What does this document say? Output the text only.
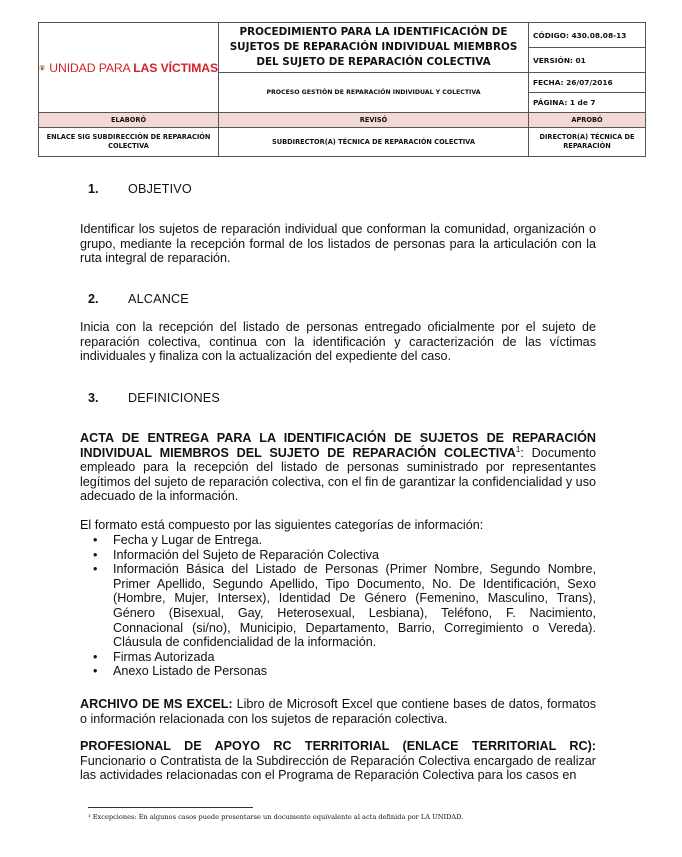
UNIDAD PARA LAS VÍCTIMAS	PROCEDIMIENTO PARA LA IDENTIFICACIÓN DE SUJETOS DE REPARACIÓN INDIVIDUAL MIEMBROS DEL SUJETO DE REPARACIÓN COLECTIVA	CÓDIGO: 430.08.08-13
		VERSIÓN: 01
	PROCESO GESTIÓN DE REPARACIÓN INDIVIDUAL Y COLECTIVA	FECHA: 26/07/2016
		PÁGINA: 1 de 7
ELABORÓ	REVISÓ	APROBÓ
ENLACE SIG SUBDIRECCIÓN DE REPARACIÓN COLECTIVA	SUBDIRECTOR(A) TÉCNICA DE REPARACIÓN COLECTIVA	DIRECTOR(A) TÉCNICA DE REPARACIÓN
1. OBJETIVO
Identificar los sujetos de reparación individual que conforman la comunidad, organización o grupo, mediante la recepción formal de los listados de personas para la articulación con la ruta integral de reparación.
2. ALCANCE
Inicia con la recepción del listado de personas entregado oficialmente por el sujeto de reparación colectiva, continua con la identificación y caracterización de las víctimas individuales y finaliza con la actualización del expediente del caso.
3. DEFINICIONES
ACTA DE ENTREGA PARA LA IDENTIFICACIÓN DE SUJETOS DE REPARACIÓN INDIVIDUAL MIEMBROS DEL SUJETO DE REPARACIÓN COLECTIVA$^1$: Documento empleado para la recepción del listado de personas suministrado por representantes legítimos del sujeto de reparación colectiva, con el fin de garantizar la confidencialidad y uso adecuado de la información.
El formato está compuesto por las siguientes categorías de información:
• Fecha y Lugar de Entrega.
• Información del Sujeto de Reparación Colectiva
• Información Básica del Listado de Personas (Primer Nombre, Segundo Nombre, Primer Apellido, Segundo Apellido, Tipo Documento, No. De Identificación, Sexo (Hombre, Mujer, Intersex), Identidad De Género (Femenino, Masculino, Trans), Género (Bisexual, Gay, Heterosexual, Lesbiana), Teléfono, F. Nacimiento, Connacional (si/no), Municipio, Departamento, Barrio, Corregimiento o Vereda). Cláusula de confidencialidad de la información.
• Firmas Autorizada
• Anexo Listado de Personas
ARCHIVO DE MS EXCEL: Libro de Microsoft Excel que contiene bases de datos, formatos o información relacionada con los sujetos de reparación colectiva.
PROFESIONAL DE APOYO RC TERRITORIAL (ENLACE TERRITORIAL RC): Funcionario o Contratista de la Subdirección de Reparación Colectiva encargado de realizar las actividades relacionadas con el Programa de Reparación Colectiva para los casos en
¹ Excepciones: En algunos casos puede presentarse un documento equivalente al acta definida por LA UNIDAD.
